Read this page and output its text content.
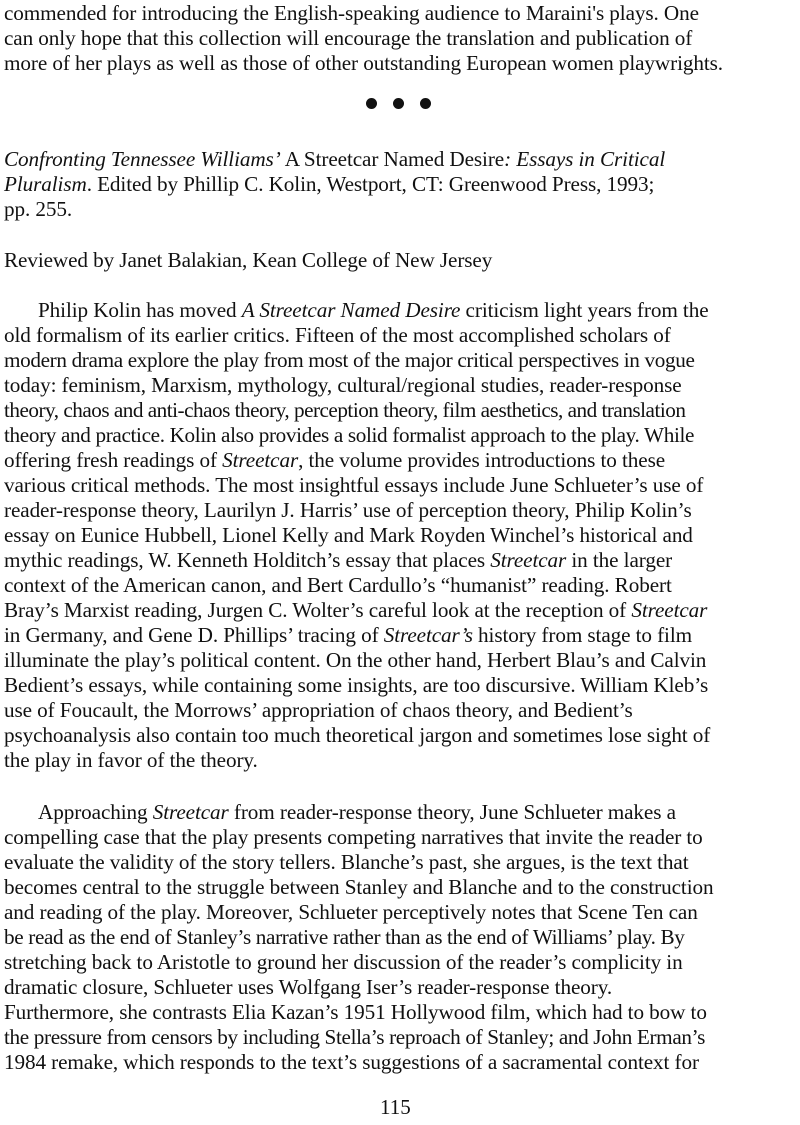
commended for introducing the English-speaking audience to Maraini's plays. One
can only hope that this collection will encourage the translation and publication of
more of her plays as well as those of other outstanding European women playwrights.
Confronting Tennessee Williams’ A Streetcar Named Desire: Essays in Critical
Pluralism. Edited by Phillip C. Kolin, Westport, CT: Greenwood Press, 1993;
pp. 255.
Reviewed by Janet Balakian, Kean College of New Jersey
Philip Kolin has moved A Streetcar Named Desire criticism light years from the
old formalism of its earlier critics. Fifteen of the most accomplished scholars of
modern drama explore the play from most of the major critical perspectives in vogue
today: feminism, Marxism, mythology, cultural/regional studies, reader-response
theory, chaos and anti-chaos theory, perception theory, film aesthetics, and translation
theory and practice. Kolin also provides a solid formalist approach to the play. While
offering fresh readings of Streetcar, the volume provides introductions to these
various critical methods. The most insightful essays include June Schlueter’s use of
reader-response theory, Laurilyn J. Harris’ use of perception theory, Philip Kolin’s
essay on Eunice Hubbell, Lionel Kelly and Mark Royden Winchel’s historical and
mythic readings, W. Kenneth Holditch’s essay that places Streetcar in the larger
context of the American canon, and Bert Cardullo’s “humanist” reading. Robert
Bray’s Marxist reading, Jurgen C. Wolter’s careful look at the reception of Streetcar
in Germany, and Gene D. Phillips’ tracing of Streetcar’s history from stage to film
illuminate the play’s political content. On the other hand, Herbert Blau’s and Calvin
Bedient’s essays, while containing some insights, are too discursive. William Kleb’s
use of Foucault, the Morrows’ appropriation of chaos theory, and Bedient’s
psychoanalysis also contain too much theoretical jargon and sometimes lose sight of
the play in favor of the theory.
Approaching Streetcar from reader-response theory, June Schlueter makes a
compelling case that the play presents competing narratives that invite the reader to
evaluate the validity of the story tellers. Blanche’s past, she argues, is the text that
becomes central to the struggle between Stanley and Blanche and to the construction
and reading of the play. Moreover, Schlueter perceptively notes that Scene Ten can
be read as the end of Stanley’s narrative rather than as the end of Williams’ play. By
stretching back to Aristotle to ground her discussion of the reader’s complicity in
dramatic closure, Schlueter uses Wolfgang Iser’s reader-response theory.
Furthermore, she contrasts Elia Kazan’s 1951 Hollywood film, which had to bow to
the pressure from censors by including Stella’s reproach of Stanley; and John Erman’s
1984 remake, which responds to the text’s suggestions of a sacramental context for
115
